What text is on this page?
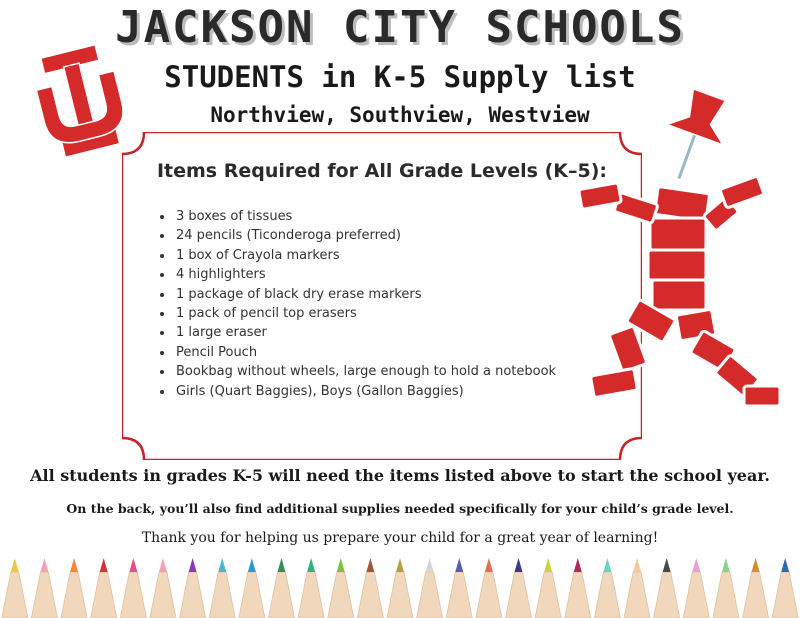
JACKSON CITY SCHOOLS
STUDENTS in K-5 Supply list
Northview, Southview, Westview
Items Required for All Grade Levels (K–5):
• 3 boxes of tissues
• 24 pencils (Ticonderoga preferred)
• 1 box of Crayola markers
• 4 highlighters
• 1 package of black dry erase markers
• 1 pack of pencil top erasers
• 1 large eraser
• Pencil Pouch
• Bookbag without wheels, large enough to hold a notebook
• Girls (Quart Baggies), Boys (Gallon Baggies)
All students in grades K-5 will need the items listed above to start the school year.
On the back, you’ll also find additional supplies needed specifically for your child’s grade level.
Thank you for helping us prepare your child for a great year of learning!
